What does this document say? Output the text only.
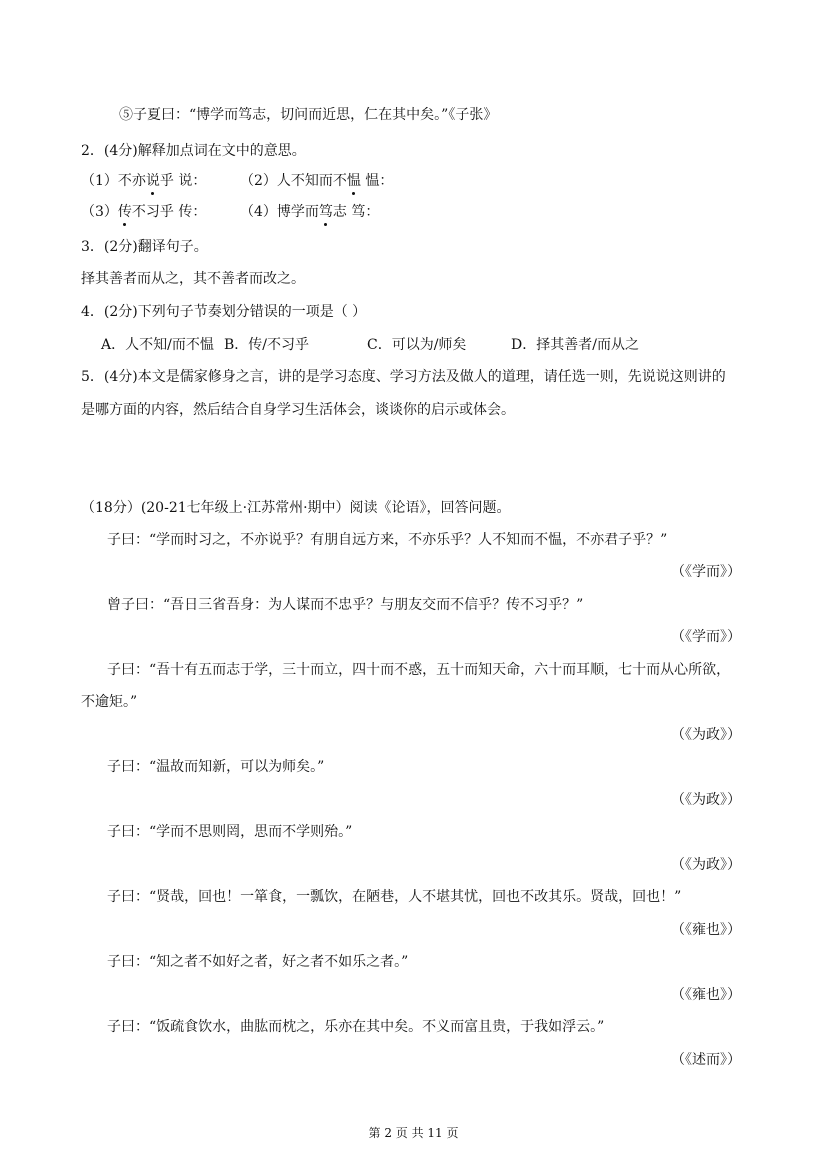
⑤子夏曰：“博学而笃志，切问而近思，仁在其中矣。”《子张》
2．(4分)解释加点词在文中的意思。
（1）不亦说乎 说： （2）人不知而不愠 愠：
（3）传不习乎 传： （4）博学而笃志 笃：
3．(2分)翻译句子。
择其善者而从之，其不善者而改之。
4．(2分)下列句子节奏划分错误的一项是（ ）
A．人不知/而不愠 B．传/不习乎	C．可以为/师矣	D．择其善者/而从之
5．(4分)本文是儒家修身之言，讲的是学习态度、学习方法及做人的道理，请任选一则，先说说这则讲的
是哪方面的内容，然后结合自身学习生活体会，谈谈你的启示或体会。
（18分）(20-21七年级上·江苏常州·期中）阅读《论语》，回答问题。
子曰：“学而时习之，不亦说乎？有朋自远方来，不亦乐乎？人不知而不愠，不亦君子乎？”
（《学而》）
曾子曰：“吾日三省吾身：为人谋而不忠乎？与朋友交而不信乎？传不习乎？”
（《学而》）
子曰：“吾十有五而志于学，三十而立，四十而不惑，五十而知天命，六十而耳顺，七十而从心所欲，
不逾矩。”
（《为政》）
子曰：“温故而知新，可以为师矣。”
（《为政》）
子曰：“学而不思则罔，思而不学则殆。”
（《为政》）
子曰：“贤哉，回也！一箪食，一瓢饮，在陋巷，人不堪其忧，回也不改其乐。贤哉，回也！”
（《雍也》）
子曰：“知之者不如好之者，好之者不如乐之者。”
（《雍也》）
子曰：“饭疏食饮水，曲肱而枕之，乐亦在其中矣。不义而富且贵，于我如浮云。”
（《述而》）
第 2 页 共 11 页
